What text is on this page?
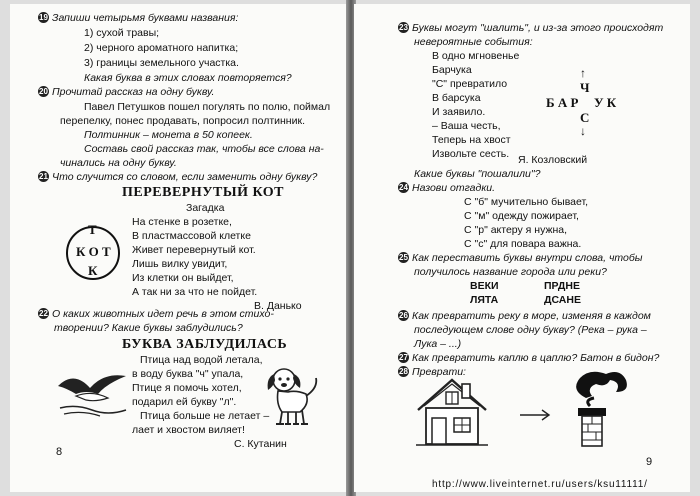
19 Запиши четырьмя буквами названия:
1) сухой травы;
2) черного ароматного напитка;
3) границы земельного участка.
Какая буква в этих словах повторяется?
20 Прочитай рассказ на одну букву.
Павел Петушков пошел погулять по полю, поймал
перепелку, понес продавать, попросил полтинник.
Полтинник – монета в 50 копеек.
Составь свой рассказ так, чтобы все слова на-
чинались на одну букву.
21 Что случится со словом, если заменить одну букву?
ПЕРЕВЕРНУТЫЙ КОТ
Загадка
Т
К О Т
К
На стенке в розетке,
В пластмассовой клетке
Живет перевернутый кот.
Лишь вилку увидит,
Из клетки он выйдет,
А так ни за что не пойдет.
В. Данько
22 О каких животных идет речь в этом стихо-
творении? Какие буквы заблудились?
БУКВА ЗАБЛУДИЛАСЬ
Птица над водой летала,
в воду буква "ч" упала,
Птице я помочь хотел,
подарил ей букву "л".
Птица больше не летает –
лает и хвостом виляет!
С. Кутанин
8
23 Буквы могут "шалить", и из-за этого происходят
невероятные события:
В одно мгновенье
Барчука
"С" превратило
В барсука
И заявило.
– Ваша честь,
Теперь на хвост
Извольте сесть.
↑
Ч
Б А Р У К
С
↓
Я. Козловский
Какие буквы "пошалили"?
24 Назови отгадки.
С "б" мучительно бывает,
С "м" одежду пожирает,
С "р" актеру я нужна,
С "с" для повара важна.
25 Как переставить буквы внутри слова, чтобы
получилось название города или реки?
ВЕКИ
ЛЯТА
ПРДНЕ
ДСАНЕ
26 Как превратить реку в море, изменяя в каждом
последующем слове одну букву? (Река – рука –
Лука – ...)
27 Как превратить каплю в цаплю? Батон в бидон?
28 Преврати:
9
http://www.liveinternet.ru/users/ksu11111/
